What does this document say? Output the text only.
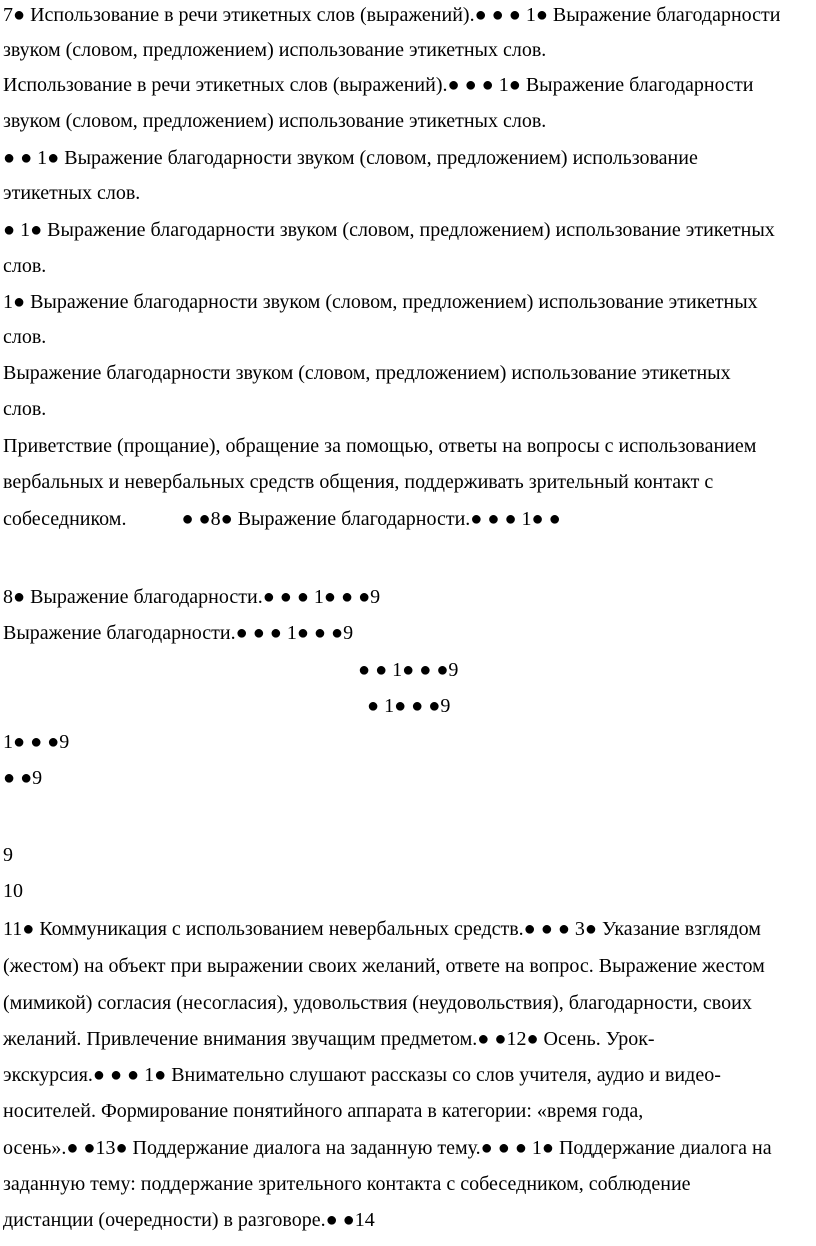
7● Использование в речи этикетных слов (выражений).● ● ● 1● Выражение благодарности
звуком (словом, предложением) использование этикетных слов.
Использование в речи этикетных слов (выражений).● ● ● 1● Выражение благодарности
звуком (словом, предложением) использование этикетных слов.
● ● 1● Выражение благодарности звуком (словом, предложением) использование
этикетных слов.
● 1● Выражение благодарности звуком (словом, предложением) использование этикетных
слов.
1● Выражение благодарности звуком (словом, предложением) использование этикетных
слов.
Выражение благодарности звуком (словом, предложением) использование этикетных
слов.
Приветствие (прощание), обращение за помощью, ответы на вопросы с использованием
вербальных и невербальных средств общения, поддерживать зрительный контакт с
собеседником.           ● ●8● Выражение благодарности.● ● ● 1● ●
8● Выражение благодарности.● ● ● 1● ● ●9
Выражение благодарности.● ● ● 1● ● ●9
● ● 1● ● ●9
● 1● ● ●9
1● ● ●9
● ●9
9
10
11● Коммуникация с использованием невербальных средств.● ● ● 3● Указание взглядом
(жестом) на объект при выражении своих желаний, ответе на вопрос. Выражение жестом
(мимикой) согласия (несогласия), удовольствия (неудовольствия), благодарности, своих
желаний. Привлечение внимания звучащим предметом.● ●12● Осень. Урок-
экскурсия.● ● ● 1● Внимательно слушают рассказы со слов учителя, аудио и видео-
носителей. Формирование понятийного аппарата в категории: «время года,
осень».● ●13● Поддержание диалога на заданную тему.● ● ● 1● Поддержание диалога на
заданную тему: поддержание зрительного контакта с собеседником, соблюдение
дистанции (очередности) в разговоре.● ●14
